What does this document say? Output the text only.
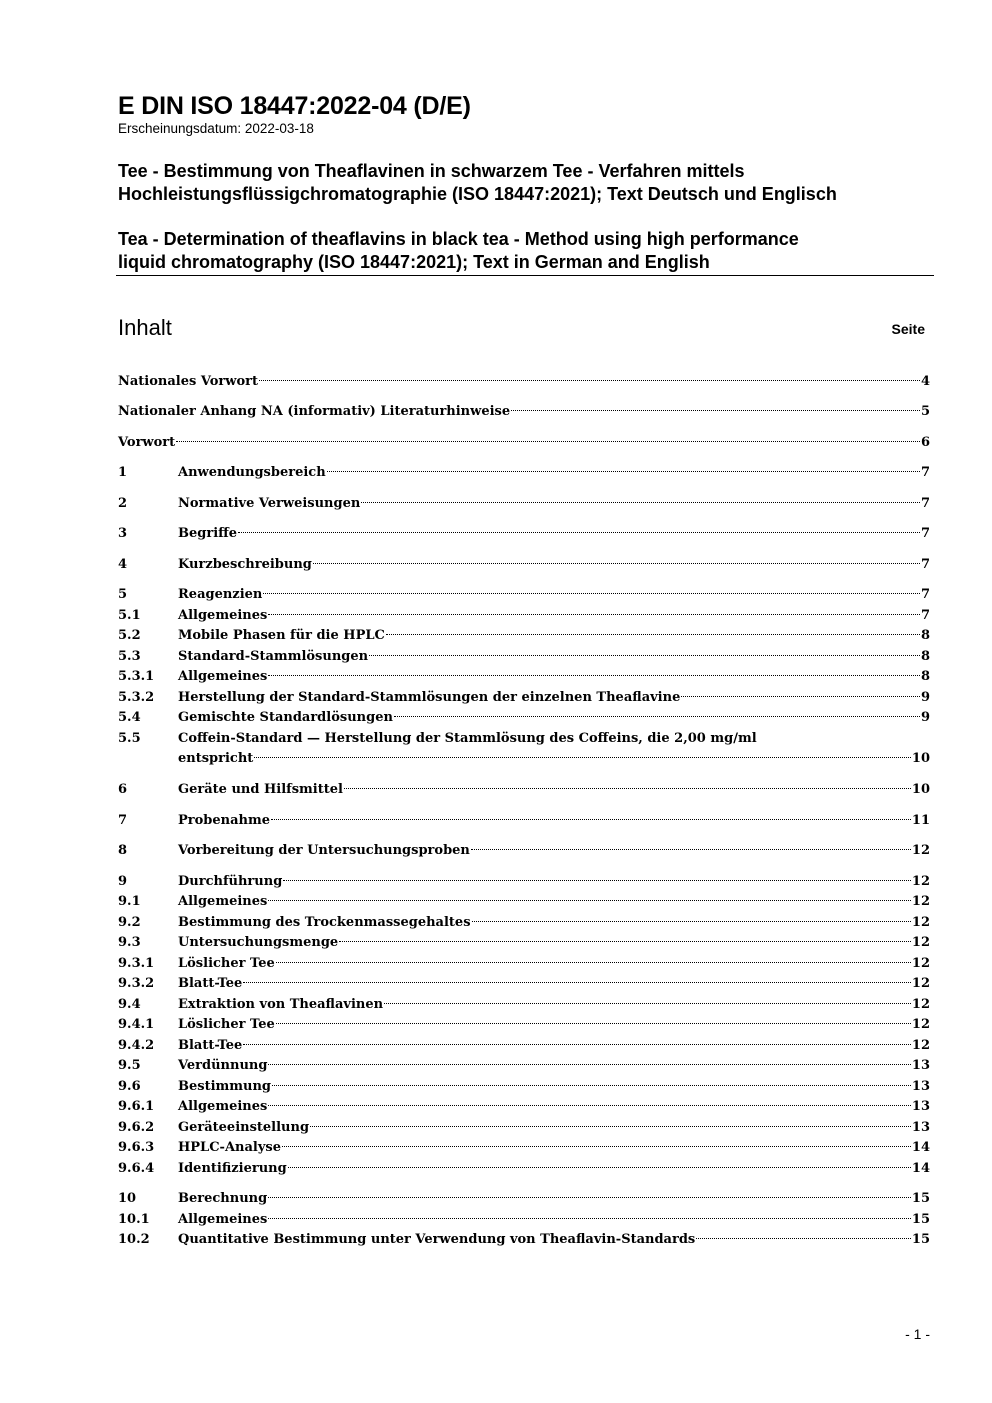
E DIN ISO 18447:2022-04 (D/E)
Erscheinungsdatum: 2022-03-18
Tee - Bestimmung von Theaflavinen in schwarzem Tee - Verfahren mittels
Hochleistungsflüssigchromatographie (ISO 18447:2021); Text Deutsch und Englisch
Tea - Determination of theaflavins in black tea - Method using high performance
liquid chromatography (ISO 18447:2021); Text in German and English
Inhalt	Seite
Nationales Vorwort	4
Nationaler Anhang NA (informativ) Literaturhinweise	5
Vorwort	6
1	Anwendungsbereich	7
2	Normative Verweisungen	7
3	Begriffe	7
4	Kurzbeschreibung	7
5	Reagenzien	7
5.1	Allgemeines	7
5.2	Mobile Phasen für die HPLC	8
5.3	Standard-Stammlösungen	8
5.3.1 Allgemeines	8
5.3.2 Herstellung der Standard-Stammlösungen der einzelnen Theaflavine	9
5.4	Gemischte Standardlösungen	9
5.5	Coffein-Standard — Herstellung der Stammlösung des Coffeins, die 2,00 mg/ml
entspricht	10
6	Geräte und Hilfsmittel	10
7	Probenahme	11
8	Vorbereitung der Untersuchungsproben	12
9	Durchführung	12
9.1	Allgemeines	12
9.2	Bestimmung des Trockenmassegehaltes	12
9.3	Untersuchungsmenge	12
9.3.1 Löslicher Tee	12
9.3.2 Blatt-Tee	12
9.4	Extraktion von Theaflavinen	12
9.4.1 Löslicher Tee	12
9.4.2 Blatt-Tee	12
9.5	Verdünnung	13
9.6	Bestimmung	13
9.6.1 Allgemeines	13
9.6.2 Geräteeinstellung	13
9.6.3 HPLC-Analyse	14
9.6.4 Identifizierung	14
10	Berechnung	15
10.1 Allgemeines	15
10.2 Quantitative Bestimmung unter Verwendung von Theaflavin-Standards	15
- 1 -
